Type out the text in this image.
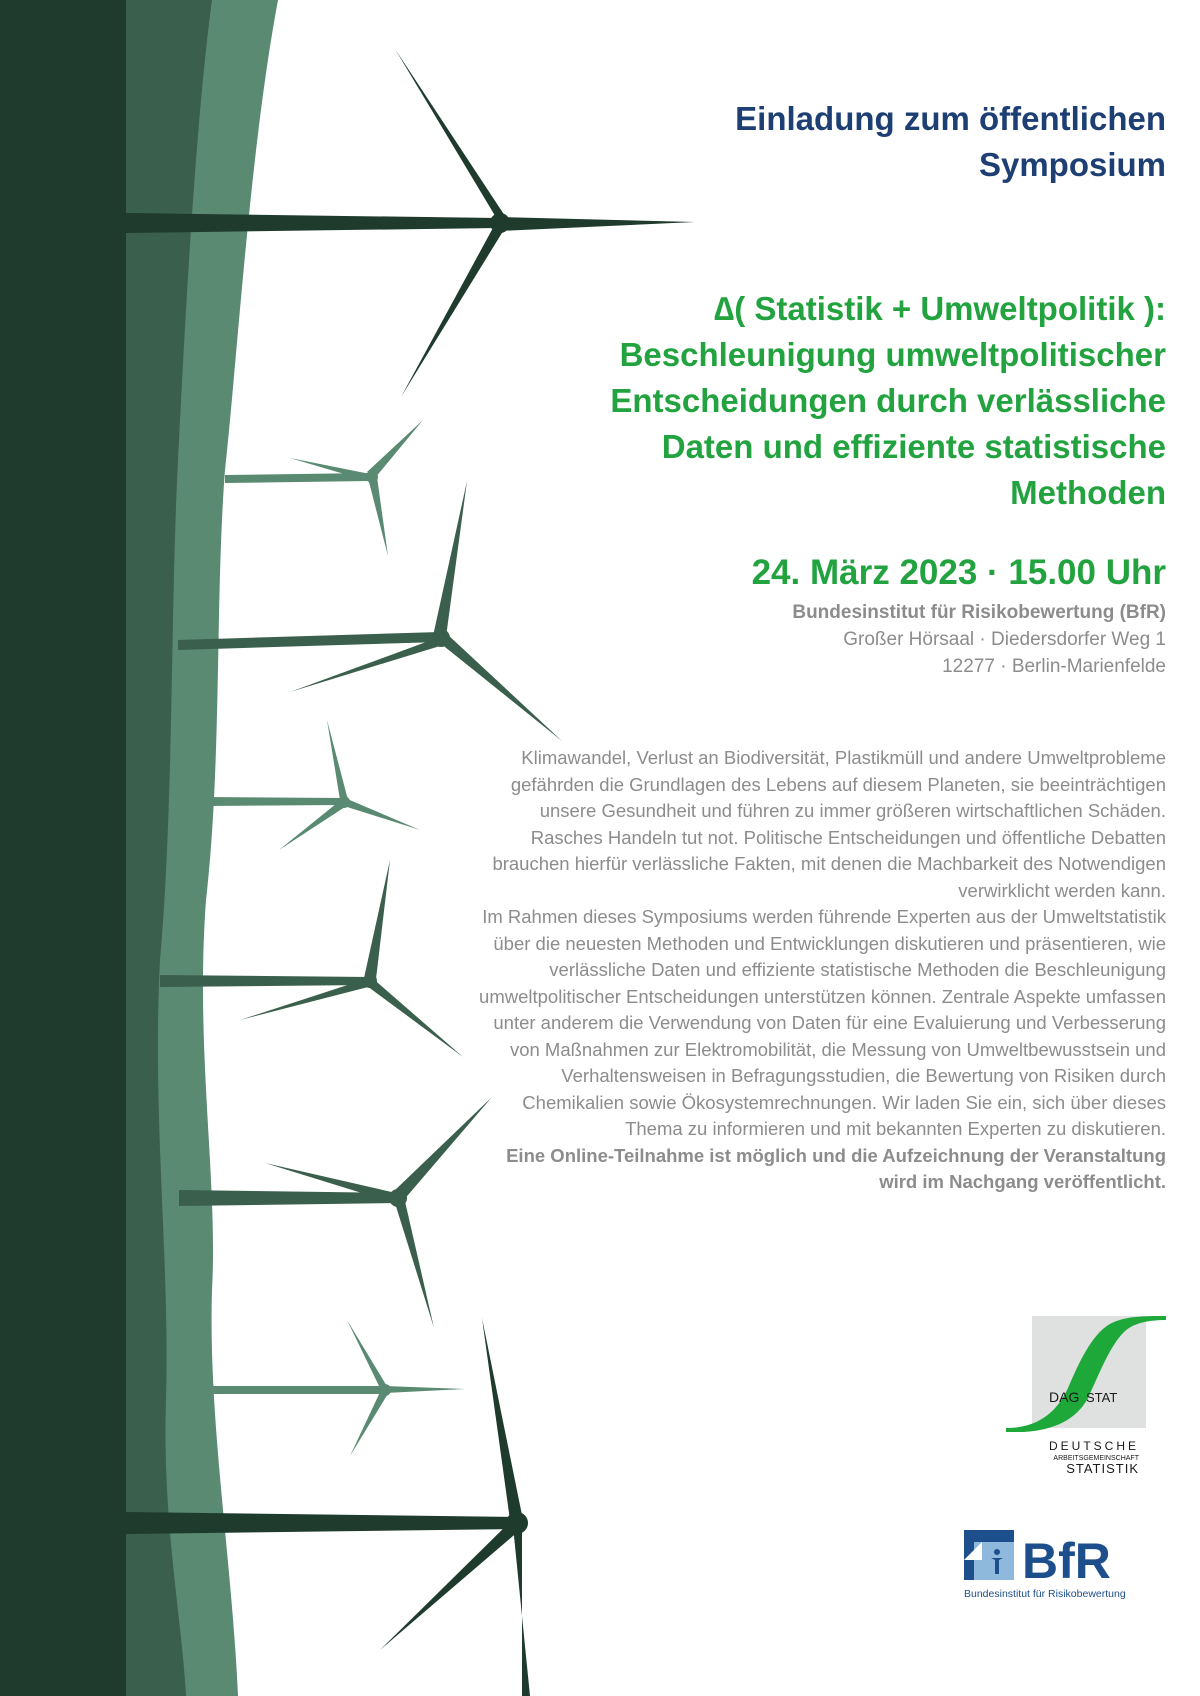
Einladung zum öffentlichen
Symposium
∆( Statistik + Umweltpolitik ):
Beschleunigung umweltpolitischer
Entscheidungen durch verlässliche
Daten und effiziente statistische
Methoden
24. März 2023 · 15.00 Uhr
Bundesinstitut für Risikobewertung (BfR)
Großer Hörsaal · Diedersdorfer Weg 1
12277 · Berlin-Marienfelde

Klimawandel, Verlust an Biodiversität, Plastikmüll und andere Umweltprobleme gefährden die Grundlagen des Lebens auf diesem Planeten, sie beeinträchtigen unsere Gesundheit und führen zu immer größeren wirtschaftlichen Schäden. Rasches Handeln tut not. Politische Entscheidungen und öffentliche Debatten brauchen hierfür verlässliche Fakten, mit denen die Machbarkeit des Notwendigen verwirklicht werden kann.

Im Rahmen dieses Symposiums werden führende Experten aus der Umweltstatistik über die neuesten Methoden und Entwicklungen diskutieren und präsentieren, wie verlässliche Daten und effiziente statistische Methoden die Beschleunigung umweltpolitischer Entscheidungen unterstützen können. Zentrale Aspekte umfassen unter anderem die Verwendung von Daten für eine Evaluierung und Verbesserung von Maßnahmen zur Elektromobilität, die Messung von Umweltbewusstsein und Verhaltensweisen in Befragungsstudien, die Bewertung von Risiken durch Chemikalien sowie Ökosystemrechnungen. Wir laden Sie ein, sich über dieses Thema zu informieren und mit bekannten Experten zu diskutieren.

Eine Online-Teilnahme ist möglich und die Aufzeichnung der Veranstaltung wird im Nachgang veröffentlicht.

DAG STAT
DEUTSCHE
ARBEITSGEMEINSCHAFT
STATISTIK
BfR
Bundesinstitut für Risikobewertung
